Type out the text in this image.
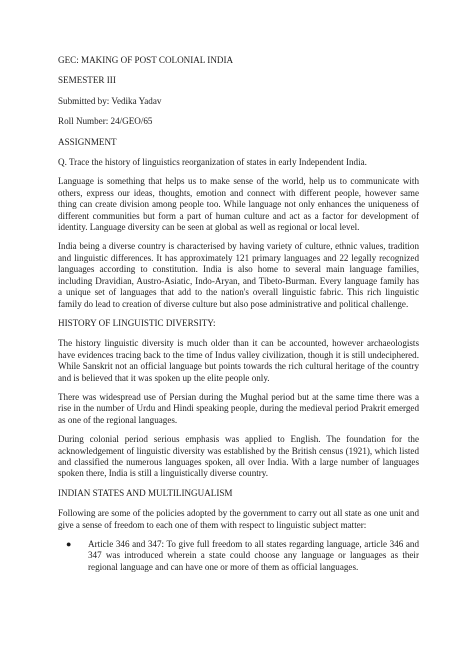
GEC: MAKING OF POST COLONIAL INDIA

SEMESTER III

Submitted by: Vedika Yadav

Roll Number: 24/GEO/65

ASSIGNMENT

Q. Trace the history of linguistics reorganization of states in early Independent India.

Language is something that helps us to make sense of the world, help us to communicate with others, express our ideas, thoughts, emotion and connect with different people, however same thing can create division among people too. While language not only enhances the uniqueness of different communities but form a part of human culture and act as a factor for development of identity. Language diversity can be seen at global as well as regional or local level.

India being a diverse country is characterised by having variety of culture, ethnic values, tradition and linguistic differences. It has approximately 121 primary languages and 22 legally recognized languages according to constitution. India is also home to several main language families, including Dravidian, Austro-Asiatic, Indo-Aryan, and Tibeto-Burman. Every language family has a unique set of languages that add to the nation's overall linguistic fabric. This rich linguistic family do lead to creation of diverse culture but also pose administrative and political challenge.

HISTORY OF LINGUISTIC DIVERSITY:

The history linguistic diversity is much older than it can be accounted, however archaeologists have evidences tracing back to the time of Indus valley civilization, though it is still undeciphered. While Sanskrit not an official language but points towards the rich cultural heritage of the country and is believed that it was spoken up the elite people only.

There was widespread use of Persian during the Mughal period but at the same time there was a rise in the number of Urdu and Hindi speaking people, during the medieval period Prakrit emerged as one of the regional languages.

During colonial period serious emphasis was applied to English. The foundation for the acknowledgement of linguistic diversity was established by the British census (1921), which listed and classified the numerous languages spoken, all over India. With a large number of languages spoken there, India is still a linguistically diverse country.

INDIAN STATES AND MULTILINGUALISM

Following are some of the policies adopted by the government to carry out all state as one unit and give a sense of freedom to each one of them with respect to linguistic subject matter:

● Article 346 and 347: To give full freedom to all states regarding language, article 346 and 347 was introduced wherein a state could choose any language or languages as their regional language and can have one or more of them as official languages.
